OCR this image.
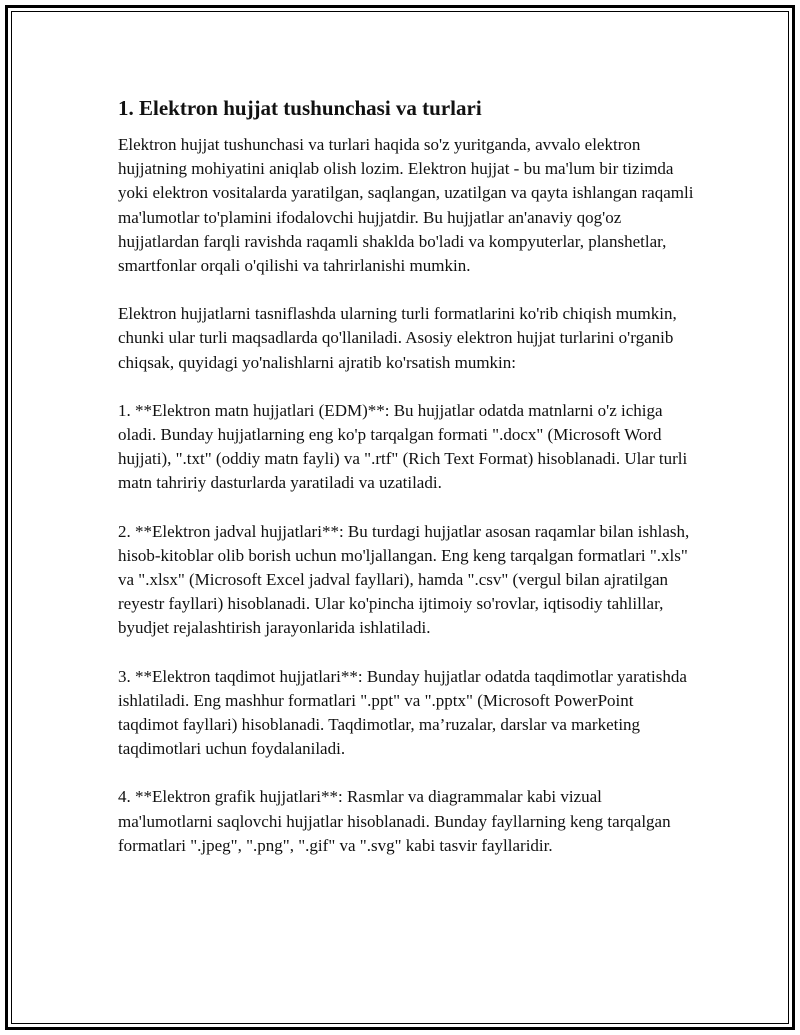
1. Elektron hujjat tushunchasi va turlari

Elektron hujjat tushunchasi va turlari haqida so'z yuritganda, avvalo elektron hujjatning mohiyatini aniqlab olish lozim. Elektron hujjat - bu ma'lum bir tizimda yoki elektron vositalarda yaratilgan, saqlangan, uzatilgan va qayta ishlangan raqamli ma'lumotlar to'plamini ifodalovchi hujjatdir. Bu hujjatlar an'anaviy qog'oz hujjatlardan farqli ravishda raqamli shaklda bo'ladi va kompyuterlar, planshetlar, smartfonlar orqali o'qilishi va tahrirlanishi mumkin.

Elektron hujjatlarni tasniflashda ularning turli formatlarini ko'rib chiqish mumkin, chunki ular turli maqsadlarda qo'llaniladi. Asosiy elektron hujjat turlarini o'rganib chiqsak, quyidagi yo'nalishlarni ajratib ko'rsatish mumkin:

1. **Elektron matn hujjatlari (EDM)**: Bu hujjatlar odatda matnlarni o'z ichiga oladi. Bunday hujjatlarning eng ko'p tarqalgan formati ".docx" (Microsoft Word hujjati), ".txt" (oddiy matn fayli) va ".rtf" (Rich Text Format) hisoblanadi. Ular turli matn tahririy dasturlarda yaratiladi va uzatiladi.

2. **Elektron jadval hujjatlari**: Bu turdagi hujjatlar asosan raqamlar bilan ishlash, hisob-kitoblar olib borish uchun mo'ljallangan. Eng keng tarqalgan formatlari ".xls" va ".xlsx" (Microsoft Excel jadval fayllari), hamda ".csv" (vergul bilan ajratilgan reyestr fayllari) hisoblanadi. Ular ko'pincha ijtimoiy so'rovlar, iqtisodiy tahlillar, byudjet rejalashtirish jarayonlarida ishlatiladi.

3. **Elektron taqdimot hujjatlari**: Bunday hujjatlar odatda taqdimotlar yaratishda ishlatiladi. Eng mashhur formatlari ".ppt" va ".pptx" (Microsoft PowerPoint taqdimot fayllari) hisoblanadi. Taqdimotlar, ma’ruzalar, darslar va marketing taqdimotlari uchun foydalaniladi.

4. **Elektron grafik hujjatlari**: Rasmlar va diagrammalar kabi vizual ma'lumotlarni saqlovchi hujjatlar hisoblanadi. Bunday fayllarning keng tarqalgan formatlari ".jpeg", ".png", ".gif" va ".svg" kabi tasvir fayllaridir.
